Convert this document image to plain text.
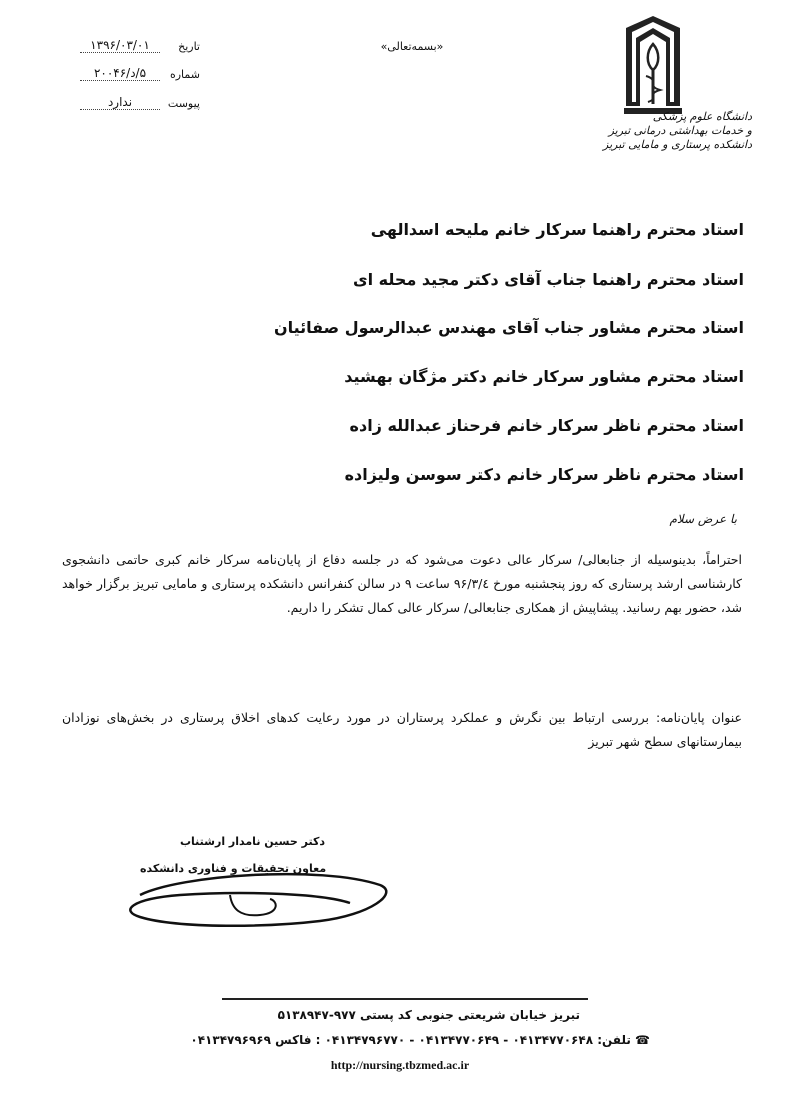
دانشگاه علوم پزشکی
و خدمات بهداشتی درمانی تبریز
دانشکده پرستاری و مامایی تبریز
«بسمه‌تعالی»
تاریخ
۱۳۹۶/۰۳/۰۱
شماره
۵/د/۲۰۰۴۶
پیوست
ندارد
استاد محترم راهنما سرکار خانم ملیحه اسدالهی
استاد محترم راهنما جناب آقای دکتر مجید محله ای
استاد محترم مشاور جناب آقای مهندس عبدالرسول صفائیان
استاد محترم مشاور سرکار خانم دکتر مژگان بهشید
استاد محترم ناظر سرکار خانم فرحناز عبدالله زاده
استاد محترم ناظر سرکار خانم دکتر سوسن ولیزاده
با عرض سلام
احتراماً، بدینوسیله از جنابعالی/ سرکار عالی دعوت می‌شود که در جلسه دفاع از پایان‌نامه سرکار خانم کبری حاتمی دانشجوی کارشناسی ارشد پرستاری که روز پنجشنبه مورخ ۹۶/۳/٤ ساعت ۹ در سالن کنفرانس دانشکده پرستاری و مامایی تبریز برگزار خواهد شد، حضور بهم رسانید. پیشاپیش از همکاری جنابعالی/ سرکار عالی کمال تشکر را داریم.
عنوان پایان‌نامه: بررسی ارتباط بین نگرش و عملکرد پرستاران در مورد رعایت کدهای اخلاق پرستاری در بخش‌های نوزادان بیمارستانهای سطح شهر تبریز
دکتر حسین نامدار ارشتناب
معاون تحقیقات و فناوری دانشکده
تبریز خیابان شریعتی جنوبی کد پستی ۹۷۷-۵۱۳۸۹۴۷
☎ تلفن: ۰۴۱۳۴۷۷۰۶۴۸ - ۰۴۱۳۴۷۷۰۶۴۹ - ۰۴۱۳۴۷۹۶۷۷۰ : فاکس ۰۴۱۳۴۷۹۶۹۶۹
http://nursing.tbzmed.ac.ir
